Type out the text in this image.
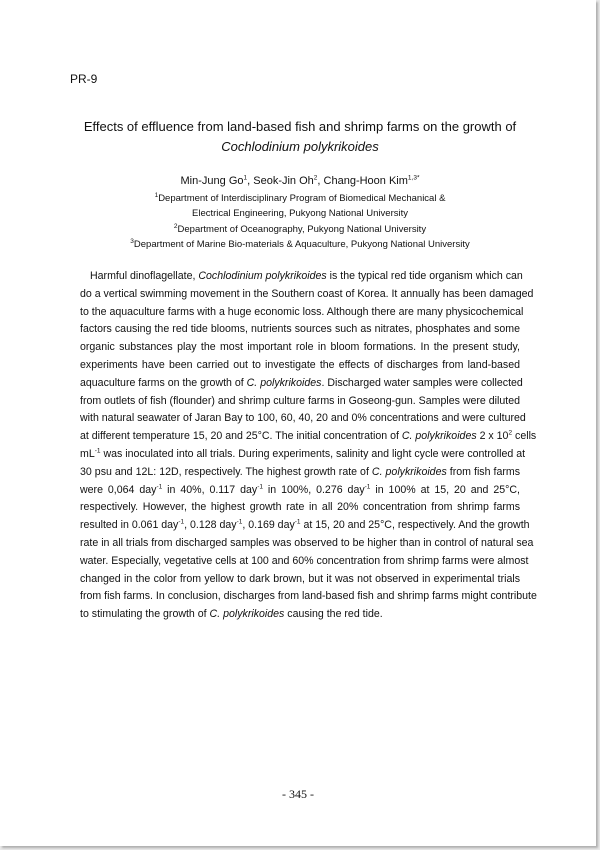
PR-9
Effects of effluence from land-based fish and shrimp farms on the growth of
Cochlodinium polykrikoides
Min-Jung Go$^1$, Seok-Jin Oh$^2$, Chang-Hoon Kim$^{1,3*}$
$^1$Department of Interdisciplinary Program of Biomedical Mechanical &
Electrical Engineering, Pukyong National University
$^2$Department of Oceanography, Pukyong National University
$^3$Department of Marine Bio-materials & Aquaculture, Pukyong National University
Harmful dinoflagellate, Cochlodinium polykrikoides is the typical red tide organism which can
do a vertical swimming movement in the Southern coast of Korea. It annually has been damaged
to the aquaculture farms with a huge economic loss. Although there are many physicochemical
factors causing the red tide blooms, nutrients sources such as nitrates, phosphates and some
organic substances play the most important role in bloom formations. In the present study,
experiments have been carried out to investigate the effects of discharges from land-based
aquaculture farms on the growth of C. polykrikoides. Discharged water samples were collected
from outlets of fish (flounder) and shrimp culture farms in Goseong-gun. Samples were diluted
with natural seawater of Jaran Bay to 100, 60, 40, 20 and 0% concentrations and were cultured
at different temperature 15, 20 and 25°C. The initial concentration of C. polykrikoides 2 x $10^2$ cells
$mL^{-1}$ was inoculated into all trials. During experiments, salinity and light cycle were controlled at
30 psu and 12L: 12D, respectively. The highest growth rate of C. polykrikoides from fish farms
were 0,064 day$^{-1}$ in 40%, 0.117 day$^{-1}$ in 100%, 0.276 day$^{-1}$ in 100% at 15, 20 and 25°C,
respectively. However, the highest growth rate in all 20% concentration from shrimp farms
resulted in 0.061 day$^{-1}$, 0.128 day$^{-1}$, 0.169 day$^{-1}$ at 15, 20 and 25°C, respectively. And the growth
rate in all trials from discharged samples was observed to be higher than in control of natural sea
water. Especially, vegetative cells at 100 and 60% concentration from shrimp farms were almost
changed in the color from yellow to dark brown, but it was not observed in experimental trials
from fish farms. In conclusion, discharges from land-based fish and shrimp farms might contribute
to stimulating the growth of C. polykrikoides causing the red tide.
- 345 -
